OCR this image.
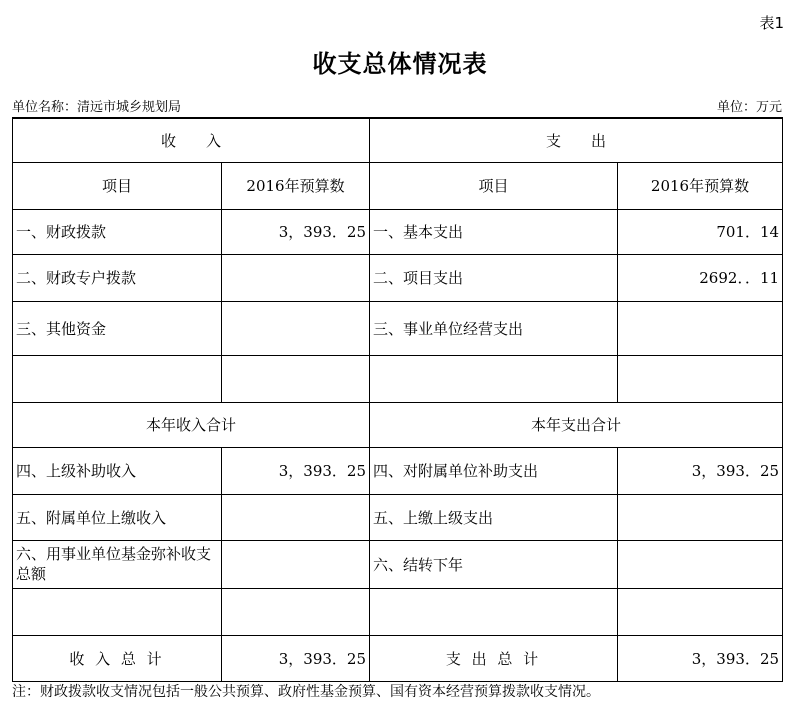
表1
收支总体情况表
单位名称：清远市城乡规划局	单位：万元
收　　入		支　　出	
项目	2016年预算数	项目	2016年预算数
一、财政拨款	3，393．25	一、基本支出	701．14
二、财政专户拨款		二、项目支出	2692．．11
三、其他资金		三、事业单位经营支出	

本年收入合计		本年支出合计	
四、上级补助收入	3，393．25	四、对附属单位补助支出	3，393．25
五、附属单位上缴收入		五、上缴上级支出	
六、用事业单位基金弥补收支总额		六、结转下年	

收 入 总 计	3，393．25	支 出 总 计	3，393．25
注：财政拨款收支情况包括一般公共预算、政府性基金预算、国有资本经营预算拨款收支情况。
